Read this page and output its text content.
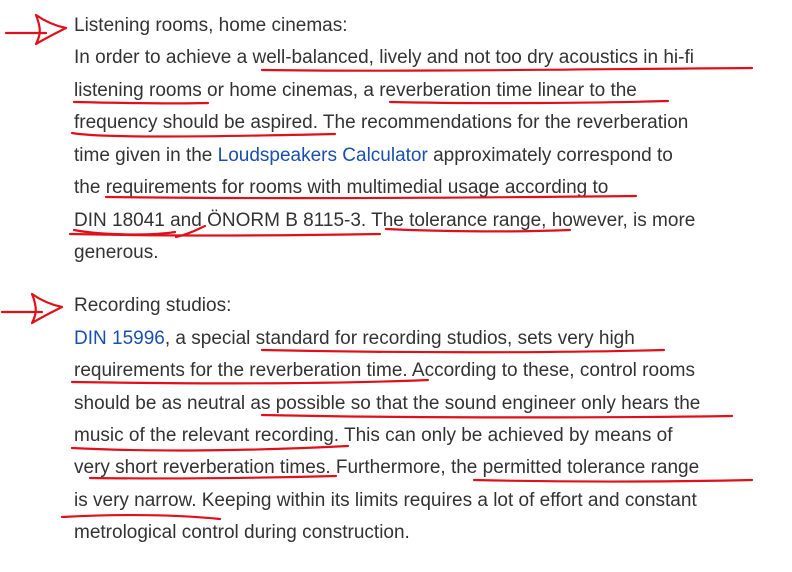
Listening rooms, home cinemas:
In order to achieve a well-balanced, lively and not too dry acoustics in hi-fi
listening rooms or home cinemas, a reverberation time linear to the
frequency should be aspired. The recommendations for the reverberation
time given in the Loudspeakers Calculator approximately correspond to
the requirements for rooms with multimedial usage according to
DIN 18041 and ÖNORM B 8115-3. The tolerance range, however, is more
generous.
Recording studios:
DIN 15996, a special standard for recording studios, sets very high
requirements for the reverberation time. According to these, control rooms
should be as neutral as possible so that the sound engineer only hears the
music of the relevant recording. This can only be achieved by means of
very short reverberation times. Furthermore, the permitted tolerance range
is very narrow. Keeping within its limits requires a lot of effort and constant
metrological control during construction.
